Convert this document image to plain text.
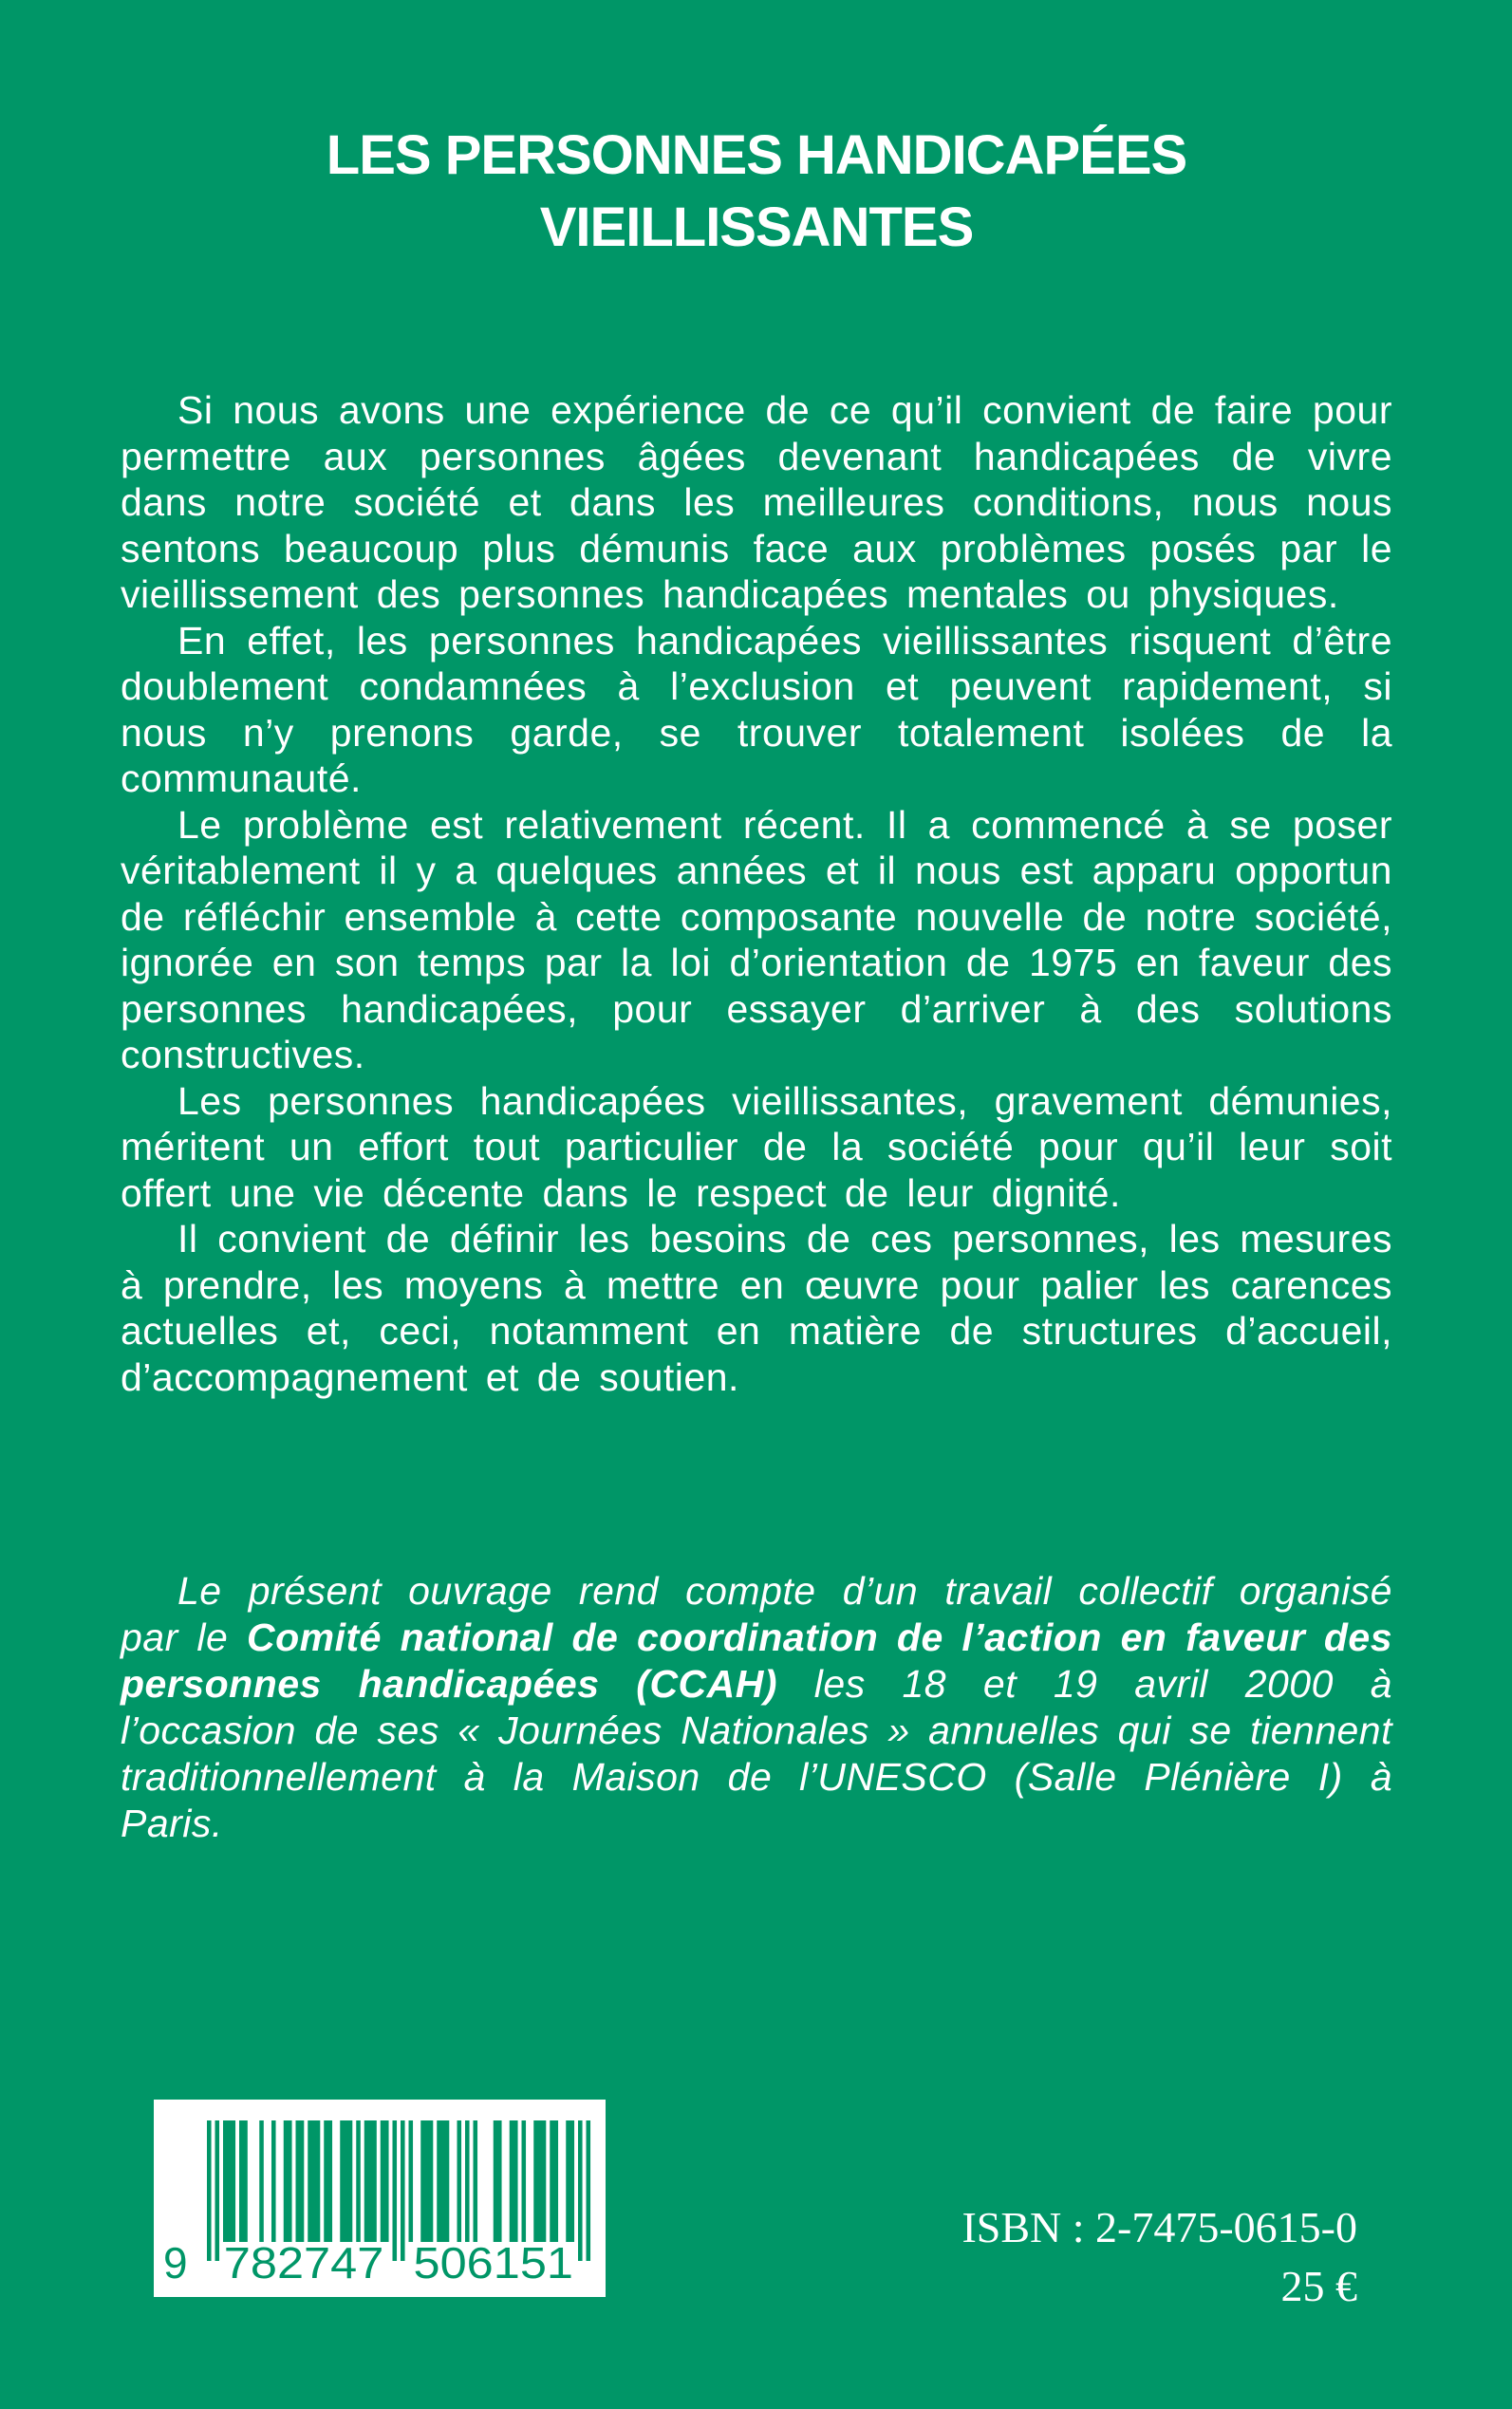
LES PERSONNES HANDICAPÉES
VIEILLISSANTES

Si nous avons une expérience de ce qu’il convient de faire pour permettre aux personnes âgées devenant handicapées de vivre dans notre société et dans les meilleures conditions, nous nous sentons beaucoup plus démunis face aux problèmes posés par le vieillissement des personnes handicapées mentales ou physiques.

En effet, les personnes handicapées vieillissantes risquent d’être doublement condamnées à l’exclusion et peuvent rapidement, si nous n’y prenons garde, se trouver totalement isolées de la communauté.

Le problème est relativement récent. Il a commencé à se poser véritablement il y a quelques années et il nous est apparu opportun de réfléchir ensemble à cette composante nouvelle de notre société, ignorée en son temps par la loi d’orientation de 1975 en faveur des personnes handicapées, pour essayer d’arriver à des solutions constructives.

Les personnes handicapées vieillissantes, gravement démunies, méritent un effort tout particulier de la société pour qu’il leur soit offert une vie décente dans le respect de leur dignité.

Il convient de définir les besoins de ces personnes, les mesures à prendre, les moyens à mettre en œuvre pour palier les carences actuelles et, ceci, notamment en matière de structures d’accueil, d’accompagnement et de soutien.

Le présent ouvrage rend compte d’un travail collectif organisé par le Comité national de coordination de l’action en faveur des personnes handicapées (CCAH) les 18 et 19 avril 2000 à l’occasion de ses « Journées Nationales » annuelles qui se tiennent traditionnellement à la Maison de l’UNESCO (Salle Plénière I) à Paris.
9 782747 506151
ISBN : 2-7475-0615-0
25 €
